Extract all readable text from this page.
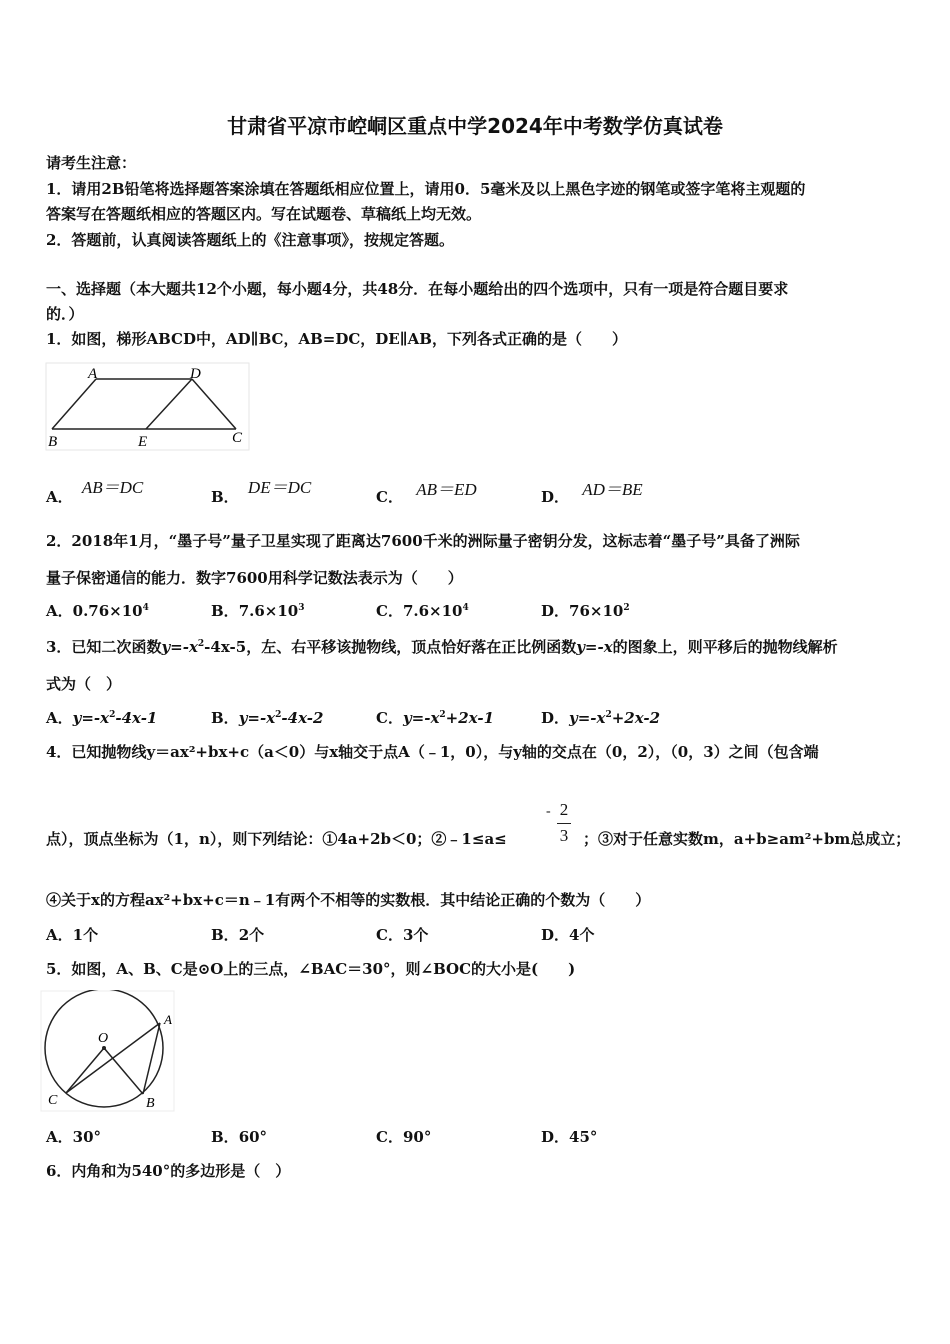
甘肃省平凉市崆峒区重点中学2024年中考数学仿真试卷
请考生注意：
1．请用2B铅笔将选择题答案涂填在答题纸相应位置上，请用0．5毫米及以上黑色字迹的钢笔或签字笔将主观题的
答案写在答题纸相应的答题区内。写在试题卷、草稿纸上均无效。
2．答题前，认真阅读答题纸上的《注意事项》，按规定答题。
一、选择题（本大题共12个小题，每小题4分，共48分．在每小题给出的四个选项中，只有一项是符合题目要求
的．）
1．如图，梯形ABCD中，AD∥BC，AB=DC，DE∥AB，下列各式正确的是（　　）
A	D
B	E	C
A． AB＝DC	B． DE＝DC	C． AB＝ED	D． AD＝BE
2．2018年1月，“墨子号”量子卫星实现了距离达7600千米的洲际量子密钥分发，这标志着“墨子号”具备了洲际
量子保密通信的能力．数字7600用科学记数法表示为（　　）
A．$0.76\times 10^4$	B．$7.6\times 10^3$	C．$7.6\times 10^4$	D．$76\times 10^2$
3．已知二次函数$y=-x^2-4x-5$，左、右平移该抛物线，顶点恰好落在正比例函数y=-x的图象上，则平移后的抛物线解析
式为（　）
A．$y=-x^2-4x-1$	B．$y=-x^2-4x-2$	C．$y=-x^2+2x-1$	D．$y=-x^2+2x-2$
4．已知抛物线y＝ax²+bx+c（a＜0）与x轴交于点A（﹣1，0），与y轴的交点在（0，2），（0，3）之间（包含端
点），顶点坐标为（1，n），则下列结论：①4a+2b＜0；②﹣1≤a≤
- 2
3 ；③对于任意实数m，a+b≥am²+bm总成立；
④关于x的方程ax²+bx+c＝n﹣1有两个不相等的实数根．其中结论正确的个数为（　　）
A．1个	B．2个	C．3个	D．4个
5．如图，A、B、C是⊙O上的三点，∠BAC＝30°，则∠BOC的大小是(　　)
O
A
B
C
A．30°	B．60°	C．90°	D．45°
6．内角和为540°的多边形是（　）
